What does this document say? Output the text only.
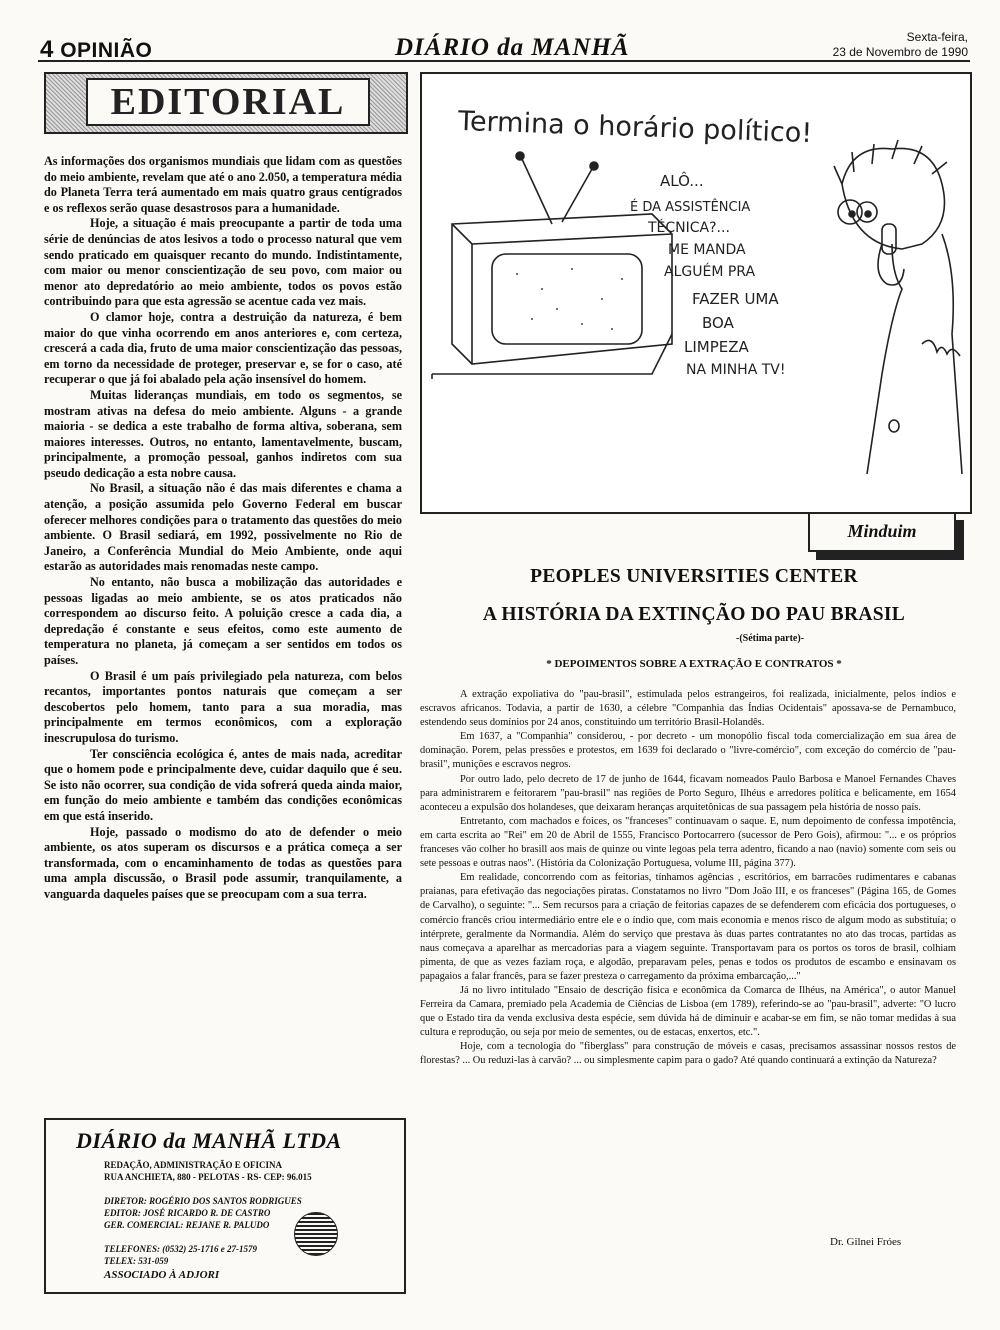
4 OPINIÃO	DIÁRIO da MANHÃ	Sexta-feira,
23 de Novembro de 1990
EDITORIAL

As informações dos organismos mundiais que lidam com as questões do meio ambiente, revelam que até o ano 2.050, a temperatura média do Planeta Terra terá aumentado em mais quatro graus centígrados e os reflexos serão quase desastrosos para a humanidade.

Hoje, a situação é mais preocupante a partir de toda uma série de denúncias de atos lesivos a todo o processo natural que vem sendo praticado em quaisquer recanto do mundo. Indistintamente, com maior ou menor conscientização de seu povo, com maior ou menor ato depredatório ao meio ambiente, todos os povos estão contribuindo para que esta agressão se acentue cada vez mais.

O clamor hoje, contra a destruição da natureza, é bem maior do que vinha ocorrendo em anos anteriores e, com certeza, crescerá a cada dia, fruto de uma maior conscientização das pessoas, em torno da necessidade de proteger, preservar e, se for o caso, até recuperar o que já foi abalado pela ação insensível do homem.

Muitas lideranças mundiais, em todo os segmentos, se mostram ativas na defesa do meio ambiente. Alguns - a grande maioria - se dedica a este trabalho de forma altiva, soberana, sem maiores interesses. Outros, no entanto, lamentavelmente, buscam, principalmente, a promoção pessoal, ganhos indiretos com sua pseudo dedicação a esta nobre causa.

No Brasil, a situação não é das mais diferentes e chama a atenção, a posição assumida pelo Governo Federal em buscar oferecer melhores condições para o tratamento das questões do meio ambiente. O Brasil sediará, em 1992, possivelmente no Rio de Janeiro, a Conferência Mundial do Meio Ambiente, onde aqui estarão as autoridades mais renomadas neste campo.

No entanto, não busca a mobilização das autoridades e pessoas ligadas ao meio ambiente, se os atos praticados não correspondem ao discurso feito. A poluição cresce a cada dia, a depredação é constante e seus efeitos, como este aumento de temperatura no planeta, já começam a ser sentidos em todos os países.

O Brasil é um país privilegiado pela natureza, com belos recantos, importantes pontos naturais que começam a ser descobertos pelo homem, tanto para a sua moradia, mas principalmente em termos econômicos, com a exploração inescrupulosa do turismo.

Ter consciência ecológica é, antes de mais nada, acreditar que o homem pode e principalmente deve, cuidar daquilo que é seu. Se isto não ocorrer, sua condição de vida sofrerá queda ainda maior, em função do meio ambiente e também das condições econômicas em que está inserido.

Hoje, passado o modismo do ato de defender o meio ambiente, os atos superam os discursos e a prática começa a ser transformada, com o encaminhamento de todas as questões para uma ampla discussão, o Brasil pode assumir, tranquilamente, a vanguarda daqueles países que se preocupam com a sua terra.

DIÁRIO da MANHÃ LTDA
REDAÇÃO, ADMINISTRAÇÃO E OFICINA
RUA ANCHIETA, 880 - PELOTAS - RS- CEP: 96.015
DIRETOR: ROGÉRIO DOS SANTOS RODRIGUES
EDITOR: JOSÉ RICARDO R. DE CASTRO
GER. COMERCIAL: REJANE R. PALUDO
TELEFONES: (0532) 25-1716 e 27-1579
TELEX: 531-059
ASSOCIADO À ADJORI
Termina o horário político!
ALÔ...
É DA ASSISTÊNCIA
TÉCNICA?...
ME MANDA
ALGUÉM PRA
FAZER UMA
BOA
LIMPEZA
NA MINHA TV!
Minduim
PEOPLES UNIVERSITIES CENTER
A HISTÓRIA DA EXTINÇÃO DO PAU BRASIL
-(Sétima parte)-
* DEPOIMENTOS SOBRE A EXTRAÇÃO E CONTRATOS *

A extração expoliativa do "pau-brasil", estimulada pelos estrangeiros, foi realizada, inicialmente, pelos índios e escravos africanos. Todavia, a partir de 1630, a célebre "Companhia das Índias Ocidentais" apossava-se de Pernambuco, estendendo seus domínios por 24 anos, constituindo um território Brasil-Holandês.

Em 1637, a "Companhia" considerou, - por decreto - um monopólio fiscal toda comercialização em sua área de dominação. Porem, pelas pressões e protestos, em 1639 foi declarado o "livre-comércio", com exceção do comércio de "pau-brasil", munições e escravos negros.

Por outro lado, pelo decreto de 17 de junho de 1644, ficavam nomeados Paulo Barbosa e Manoel Fernandes Chaves para administrarem e feitorarem "pau-brasil" nas regiões de Porto Seguro, Ilhéus e arredores política e belicamente, em 1654 aconteceu a expulsão dos holandeses, que deixaram heranças arquitetônicas de sua passagem pela história de nosso país.

Entretanto, com machados e foices, os "franceses" continuavam o saque. E, num depoimento de confessa impotência, em carta escrita ao "Rei" em 20 de Abril de 1555, Francisco Portocarrero (sucessor de Pero Gois), afirmou: "... e os próprios franceses vão colher ho brasill aos mais de quinze ou vinte legoas pela terra adentro, ficando a nao (navio) somente com seis ou sete pessoas e outras naos". (História da Colonização Portuguesa, volume III, página 377).

Em realidade, concorrendo com as feitorias, tínhamos agências , escritórios, em barracões rudimentares e cabanas praianas, para efetivação das negociações piratas. Constatamos no livro "Dom João III, e os franceses" (Página 165, de Gomes de Carvalho), o seguinte: "... Sem recursos para a criação de feitorias capazes de se defenderem com eficácia dos portugueses, o comércio francês criou intermediário entre ele e o índio que, com mais economia e menos risco de algum modo as substituía; o intérprete, geralmente da Normandia. Além do serviço que prestava às duas partes contratantes no ato das trocas, partidas as naus começava a aparelhar as mercadorias para a viagem seguinte. Transportavam para os portos os toros de brasil, colhiam pimenta, de que as vezes faziam roça, e algodão, preparavam peles, penas e todos os produtos de escambo e ensinavam os papagaios a falar francês, para se fazer presteza o carregamento da próxima embarcação,..."

Já no livro intitulado "Ensaio de descrição física e econômica da Comarca de Ilhéus, na América", o autor Manuel Ferreira da Camara, premiado pela Academia de Ciências de Lisboa (em 1789), referindo-se ao "pau-brasil", adverte: "O lucro que o Estado tira da venda exclusiva desta espécie, sem dúvida há de diminuir e acabar-se em fim, se não tomar medidas à sua cultura e reprodução, ou seja por meio de sementes, ou de estacas, enxertos, etc.".

Hoje, com a tecnologia do "fiberglass" para construção de móveis e casas, precisamos assassinar nossos restos de florestas? ... Ou reduzi-las à carvão? ... ou simplesmente capim para o gado? Até quando continuará a extinção da Natureza?

Dr. Gilnei Fróes
